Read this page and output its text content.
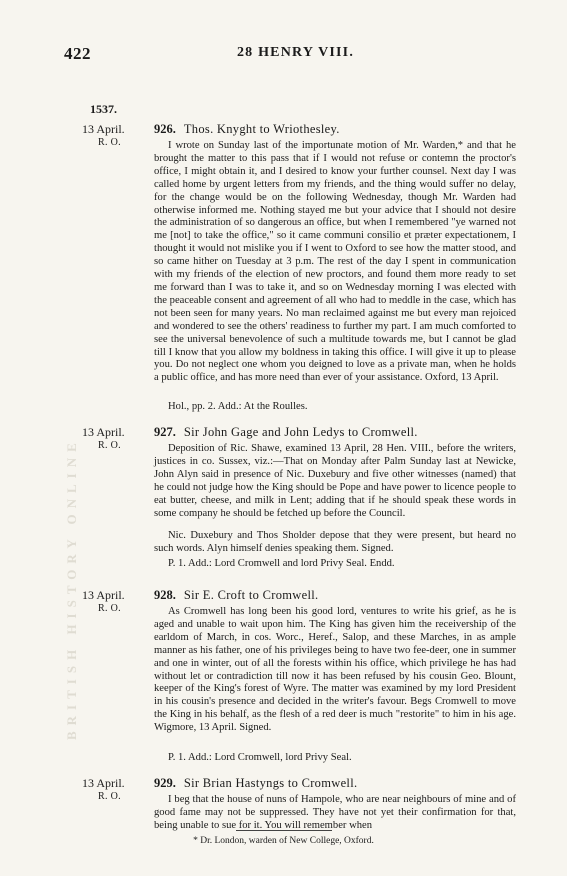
422	28 HENRY VIII.
1537.
BRITISH HISTORY ONLINE
13 April.
R. O.
926. Thos. Knyght to Wriothesley.

I wrote on Sunday last of the importunate motion of Mr. Warden,* and that he brought the matter to this pass that if I would not refuse or contemn the proctor's office, I might obtain it, and I desired to know your further counsel. Next day I was called home by urgent letters from my friends, and the thing would suffer no delay, for the change would be on the following Wednesday, though Mr. Warden had otherwise informed me. Nothing stayed me but your advice that I should not desire the administration of so dangerous an office, but when I remembered "ye warned not me [not] to take the office," so it came communi consilio et præter expectationem, I thought it would not mislike you if I went to Oxford to see how the matter stood, and so came hither on Tuesday at 3 p.m. The rest of the day I spent in communication with my friends of the election of new proctors, and found them more ready to set me forward than I was to take it, and so on Wednesday morning I was elected with the peaceable consent and agreement of all who had to meddle in the case, which has not been seen for many years. No man reclaimed against me but every man rejoiced and wondered to see the others' readiness to further my part. I am much comforted to see the universal benevolence of such a multitude towards me, but I cannot be glad till I know that you allow my boldness in taking this office. I will give it up to please you. Do not neglect one whom you deigned to love as a private man, when he holds a public office, and has more need than ever of your assistance. Oxford, 13 April.

Hol., pp. 2. Add.: At the Roulles.
13 April.
R. O.
927. Sir John Gage and John Ledys to Cromwell.

Deposition of Ric. Shawe, examined 13 April, 28 Hen. VIII., before the writers, justices in co. Sussex, viz.:—That on Monday after Palm Sunday last at Newicke, John Alyn said in presence of Nic. Duxebury and five other witnesses (named) that he could not judge how the King should be Pope and have power to licence people to eat butter, cheese, and milk in Lent; adding that if he should speak these words in some company he should be fetched up before the Council.

Nic. Duxebury and Thos Sholder depose that they were present, but heard no such words. Alyn himself denies speaking them. Signed.

P. 1. Add.: Lord Cromwell and lord Privy Seal. Endd.
13 April.
R. O.
928. Sir E. Croft to Cromwell.

As Cromwell has long been his good lord, ventures to write his grief, as he is aged and unable to wait upon him. The King has given him the receivership of the earldom of March, in cos. Worc., Heref., Salop, and these Marches, in as ample manner as his father, one of his privileges being to have two fee-deer, one in summer and one in winter, out of all the forests within his office, which privilege he has had without let or contradiction till now it has been refused by his cousin Geo. Blount, keeper of the King's forest of Wyre. The matter was examined by my lord President in his cousin's presence and decided in the writer's favour. Begs Cromwell to move the King in his behalf, as the flesh of a red deer is much "restorite" to him in his age. Wigmore, 13 April. Signed.

P. 1. Add.: Lord Cromwell, lord Privy Seal.
13 April.
R. O.
929. Sir Brian Hastyngs to Cromwell.

I beg that the house of nuns of Hampole, who are near neighbours of mine and of good fame may not be suppressed. They have not yet their confirmation for that, being unable to sue for it. You will remember when

* Dr. London, warden of New College, Oxford.
